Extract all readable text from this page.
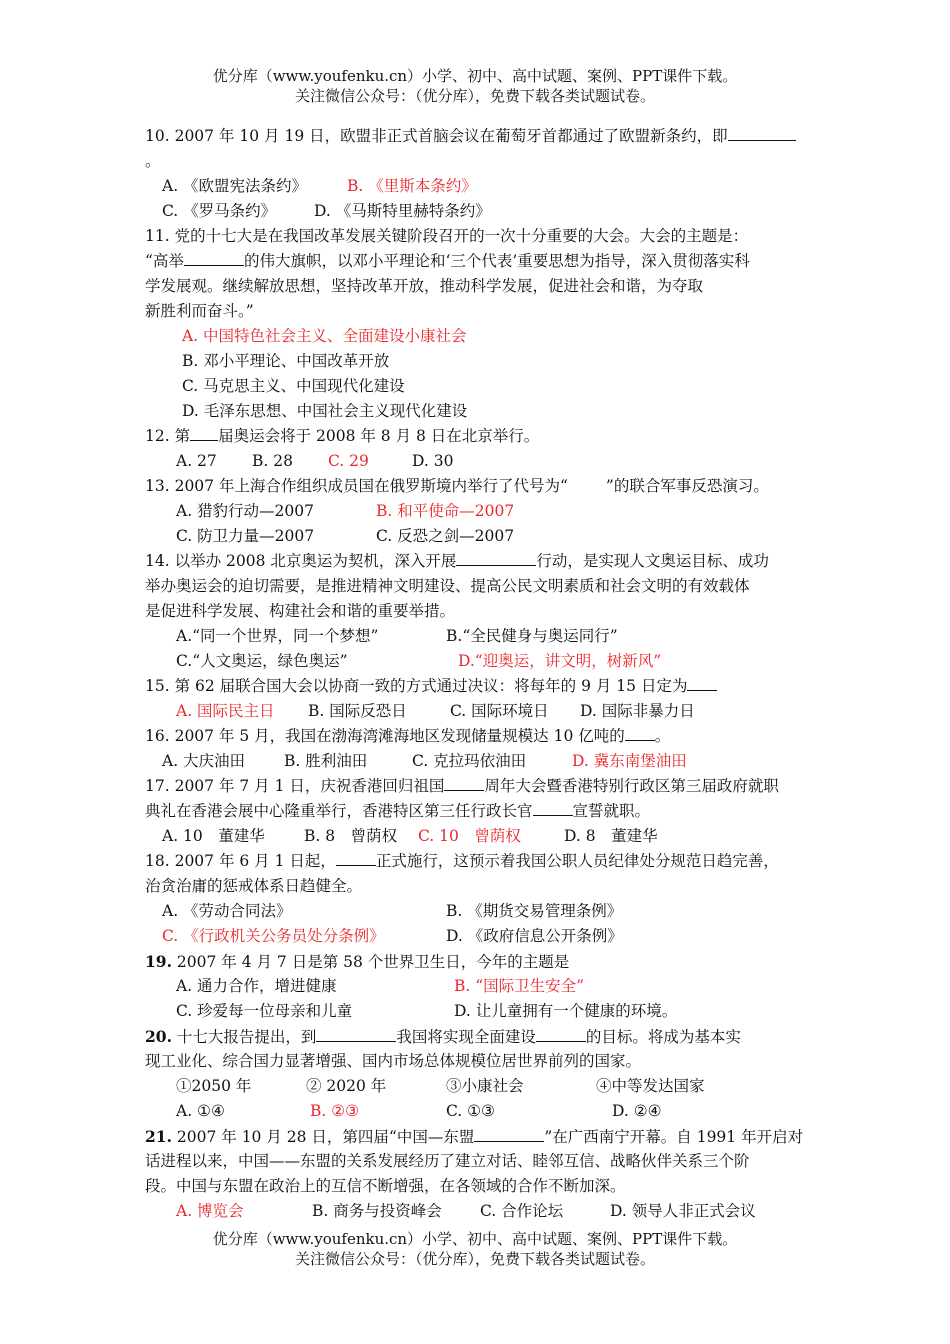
优分库（www.youfenku.cn）小学、初中、高中试题、案例、PPT课件下载。
关注微信公众号：（优分库），免费下载各类试题试卷。
10. 2007 年 10 月 19 日，欧盟非正式首脑会议在葡萄牙首都通过了欧盟新条约，即
。
A. 《欧盟宪法条约》	B. 《里斯本条约》
C. 《罗马条约》 D. 《马斯特里赫特条约》
11. 党的十七大是在我国改革发展关键阶段召开的一次十分重要的大会。大会的主题是：
“高举	的伟大旗帜，以邓小平理论和‘三个代表’重要思想为指导，深入贯彻落实科
学发展观。继续解放思想，坚持改革开放，推动科学发展，促进社会和谐，为夺取
新胜利而奋斗。”
A. 中国特色社会主义、全面建设小康社会
B. 邓小平理论、中国改革开放
C. 马克思主义、中国现代化建设
D. 毛泽东思想、中国社会主义现代化建设
12. 第 届奥运会将于 2008 年 8 月 8 日在北京举行。
A. 27 B. 28 C. 29	D. 30
13. 2007 年上海合作组织成员国在俄罗斯境内举行了代号为“ ”的联合军事反恐演习。
A. 猎豹行动—2007	B. 和平使命—2007
C. 防卫力量—2007	C. 反恐之剑—2007
14. 以举办 2008 北京奥运为契机，深入开展	行动，是实现人文奥运目标、成功
举办奥运会的迫切需要，是推进精神文明建设、提高公民文明素质和社会文明的有效载体
是促进科学发展、构建社会和谐的重要举措。
A.“同一个世界，同一个梦想”	B.“全民健身与奥运同行”
C.“人文奥运，绿色奥运”	D.“迎奥运，讲文明，树新风”
15. 第 62 届联合国大会以协商一致的方式通过决议：将每年的 9 月 15 日定为
A. 国际民主日 B. 国际反恐日	C. 国际环境日 D. 国际非暴力日
16. 2007 年 5 月，我国在渤海湾滩海地区发现储量规模达 10 亿吨的 。
A. 大庆油田	B. 胜利油田	C. 克拉玛依油田	D. 冀东南堡油田
17. 2007 年 7 月 1 日，庆祝香港回归祖国	周年大会暨香港特别行政区第三届政府就职
典礼在香港会展中心隆重举行，香港特区第三任行政长官	宣誓就职。
A. 10　董建华	B. 8　曾荫权 C. 10　曾荫权	D. 8　董建华
18. 2007 年 6 月 1 日起，	正式施行，这预示着我国公职人员纪律处分规范日趋完善，
治贪治庸的惩戒体系日趋健全。
A. 《劳动合同法》	B. 《期货交易管理条例》
C. 《行政机关公务员处分条例》	D. 《政府信息公开条例》
19. 2007 年 4 月 7 日是第 58 个世界卫生日，今年的主题是
A. 通力合作，增进健康	B. “国际卫生安全”
C. 珍爱每一位母亲和儿童	D. 让儿童拥有一个健康的环境。
20. 十七大报告提出，到	我国将实现全面建设	的目标。将成为基本实
现工业化、综合国力显著增强、国内市场总体规模位居世界前列的国家。
①2050 年	② 2020 年	③小康社会	④中等发达国家
A. ①④	B. ②③	C. ①③	D. ②④
21. 2007 年 10 月 28 日，第四届“中国—东盟	”在广西南宁开幕。自 1991 年开启对
话进程以来，中国——东盟的关系发展经历了建立对话、睦邻互信、战略伙伴关系三个阶
段。中国与东盟在政治上的互信不断增强，在各领域的合作不断加深。
A. 博览会	B. 商务与投资峰会 C. 合作论坛	D. 领导人非正式会议
优分库（www.youfenku.cn）小学、初中、高中试题、案例、PPT课件下载。
关注微信公众号：（优分库），免费下载各类试题试卷。
